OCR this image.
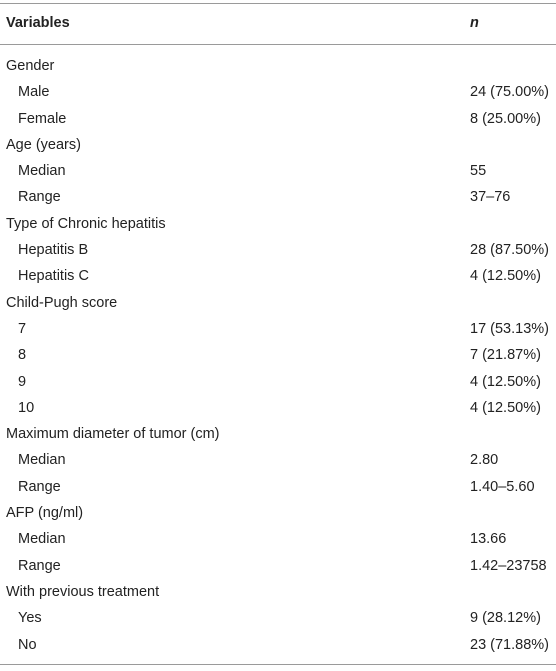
Variables	n
Gender
Male	24 (75.00%)
Female	8 (25.00%)
Age (years)
Median	55
Range	37–76
Type of Chronic hepatitis
Hepatitis B	28 (87.50%)
Hepatitis C	4 (12.50%)
Child-Pugh score
7	17 (53.13%)
8	7 (21.87%)
9	4 (12.50%)
10	4 (12.50%)
Maximum diameter of tumor (cm)
Median	2.80
Range	1.40–5.60
AFP (ng/ml)
Median	13.66
Range	1.42–23758
With previous treatment
Yes	9 (28.12%)
No	23 (71.88%)
